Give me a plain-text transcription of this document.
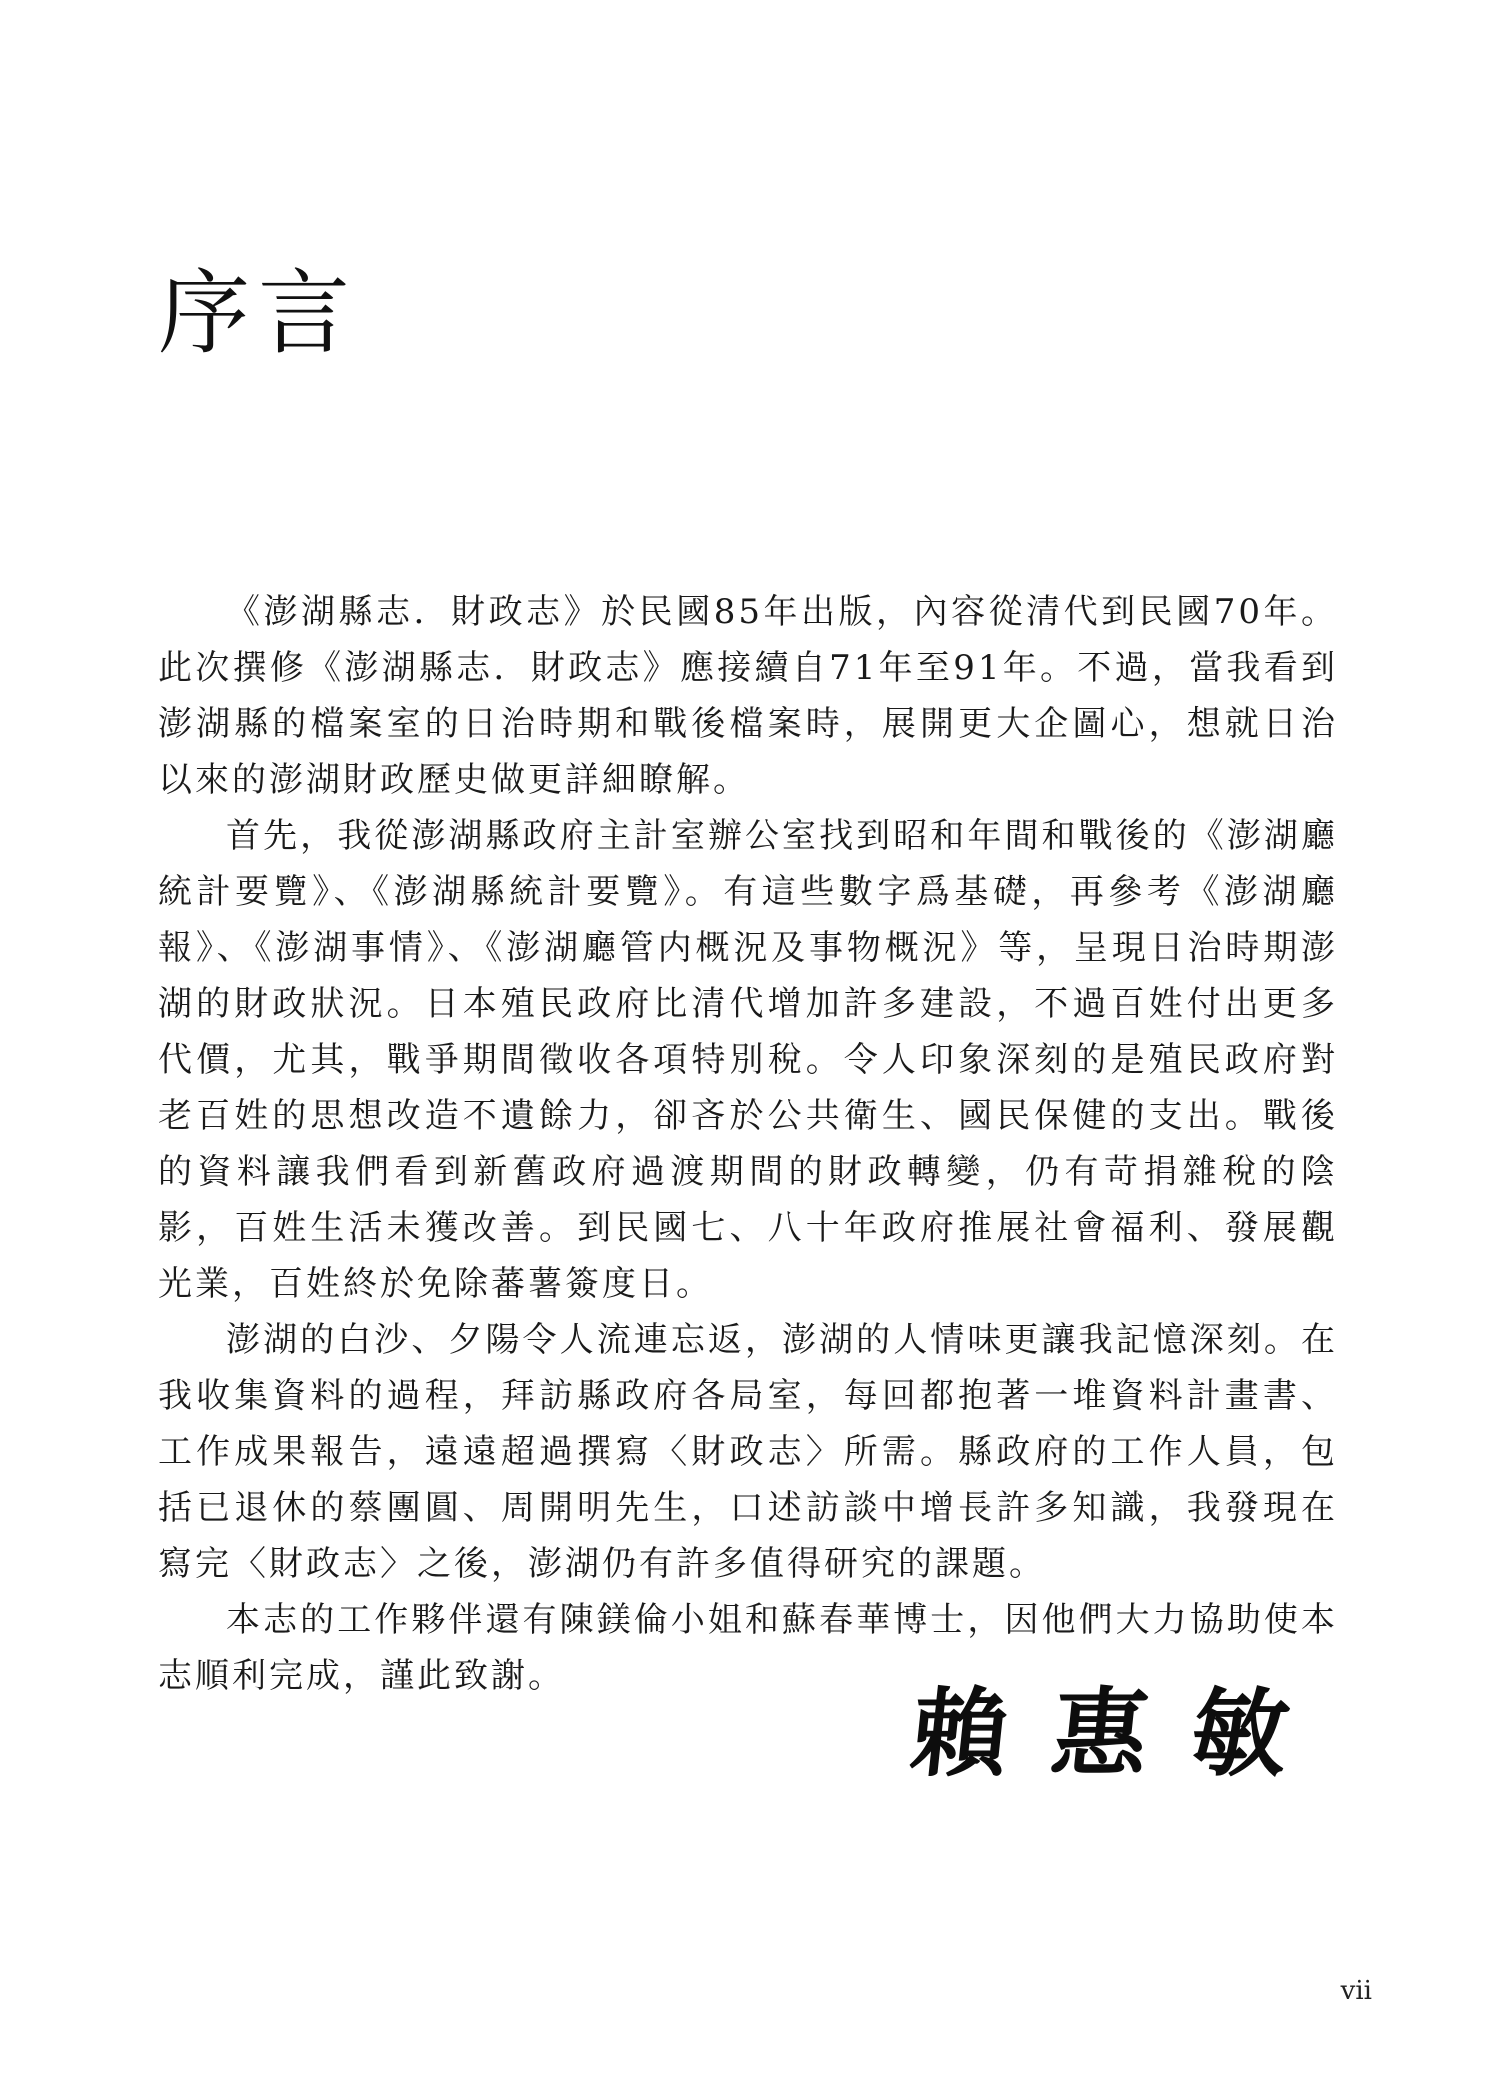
序言

《澎湖縣志．財政志》於民國85年出版，內容從清代到民國70年。此次撰修《澎湖縣志．財政志》應接續自71年至91年。不過，當我看到澎湖縣的檔案室的日治時期和戰後檔案時，展開更大企圖心，想就日治以來的澎湖財政歷史做更詳細瞭解。

首先，我從澎湖縣政府主計室辦公室找到昭和年間和戰後的《澎湖廳統計要覽》、《澎湖縣統計要覽》。有這些數字爲基礎，再參考《澎湖廳報》、《澎湖事情》、《澎湖廳管内概況及事物概況》等，呈現日治時期澎湖的財政狀況。日本殖民政府比清代增加許多建設，不過百姓付出更多代價，尤其，戰爭期間徵收各項特別稅。令人印象深刻的是殖民政府對老百姓的思想改造不遺餘力，卻吝於公共衛生、國民保健的支出。戰後的資料讓我們看到新舊政府過渡期間的財政轉變，仍有苛捐雜稅的陰影，百姓生活未獲改善。到民國七、八十年政府推展社會福利、發展觀光業，百姓終於免除蕃薯簽度日。

澎湖的白沙、夕陽令人流連忘返，澎湖的人情味更讓我記憶深刻。在我收集資料的過程，拜訪縣政府各局室，每回都抱著一堆資料計畫書、工作成果報告，遠遠超過撰寫〈財政志〉所需。縣政府的工作人員，包括已退休的蔡團圓、周開明先生，口述訪談中增長許多知識，我發現在寫完〈財政志〉之後，澎湖仍有許多值得研究的課題。

本志的工作夥伴還有陳鎂倫小姐和蘇春華博士，因他們大力協助使本志順利完成，謹此致謝。

賴惠敏
vii
